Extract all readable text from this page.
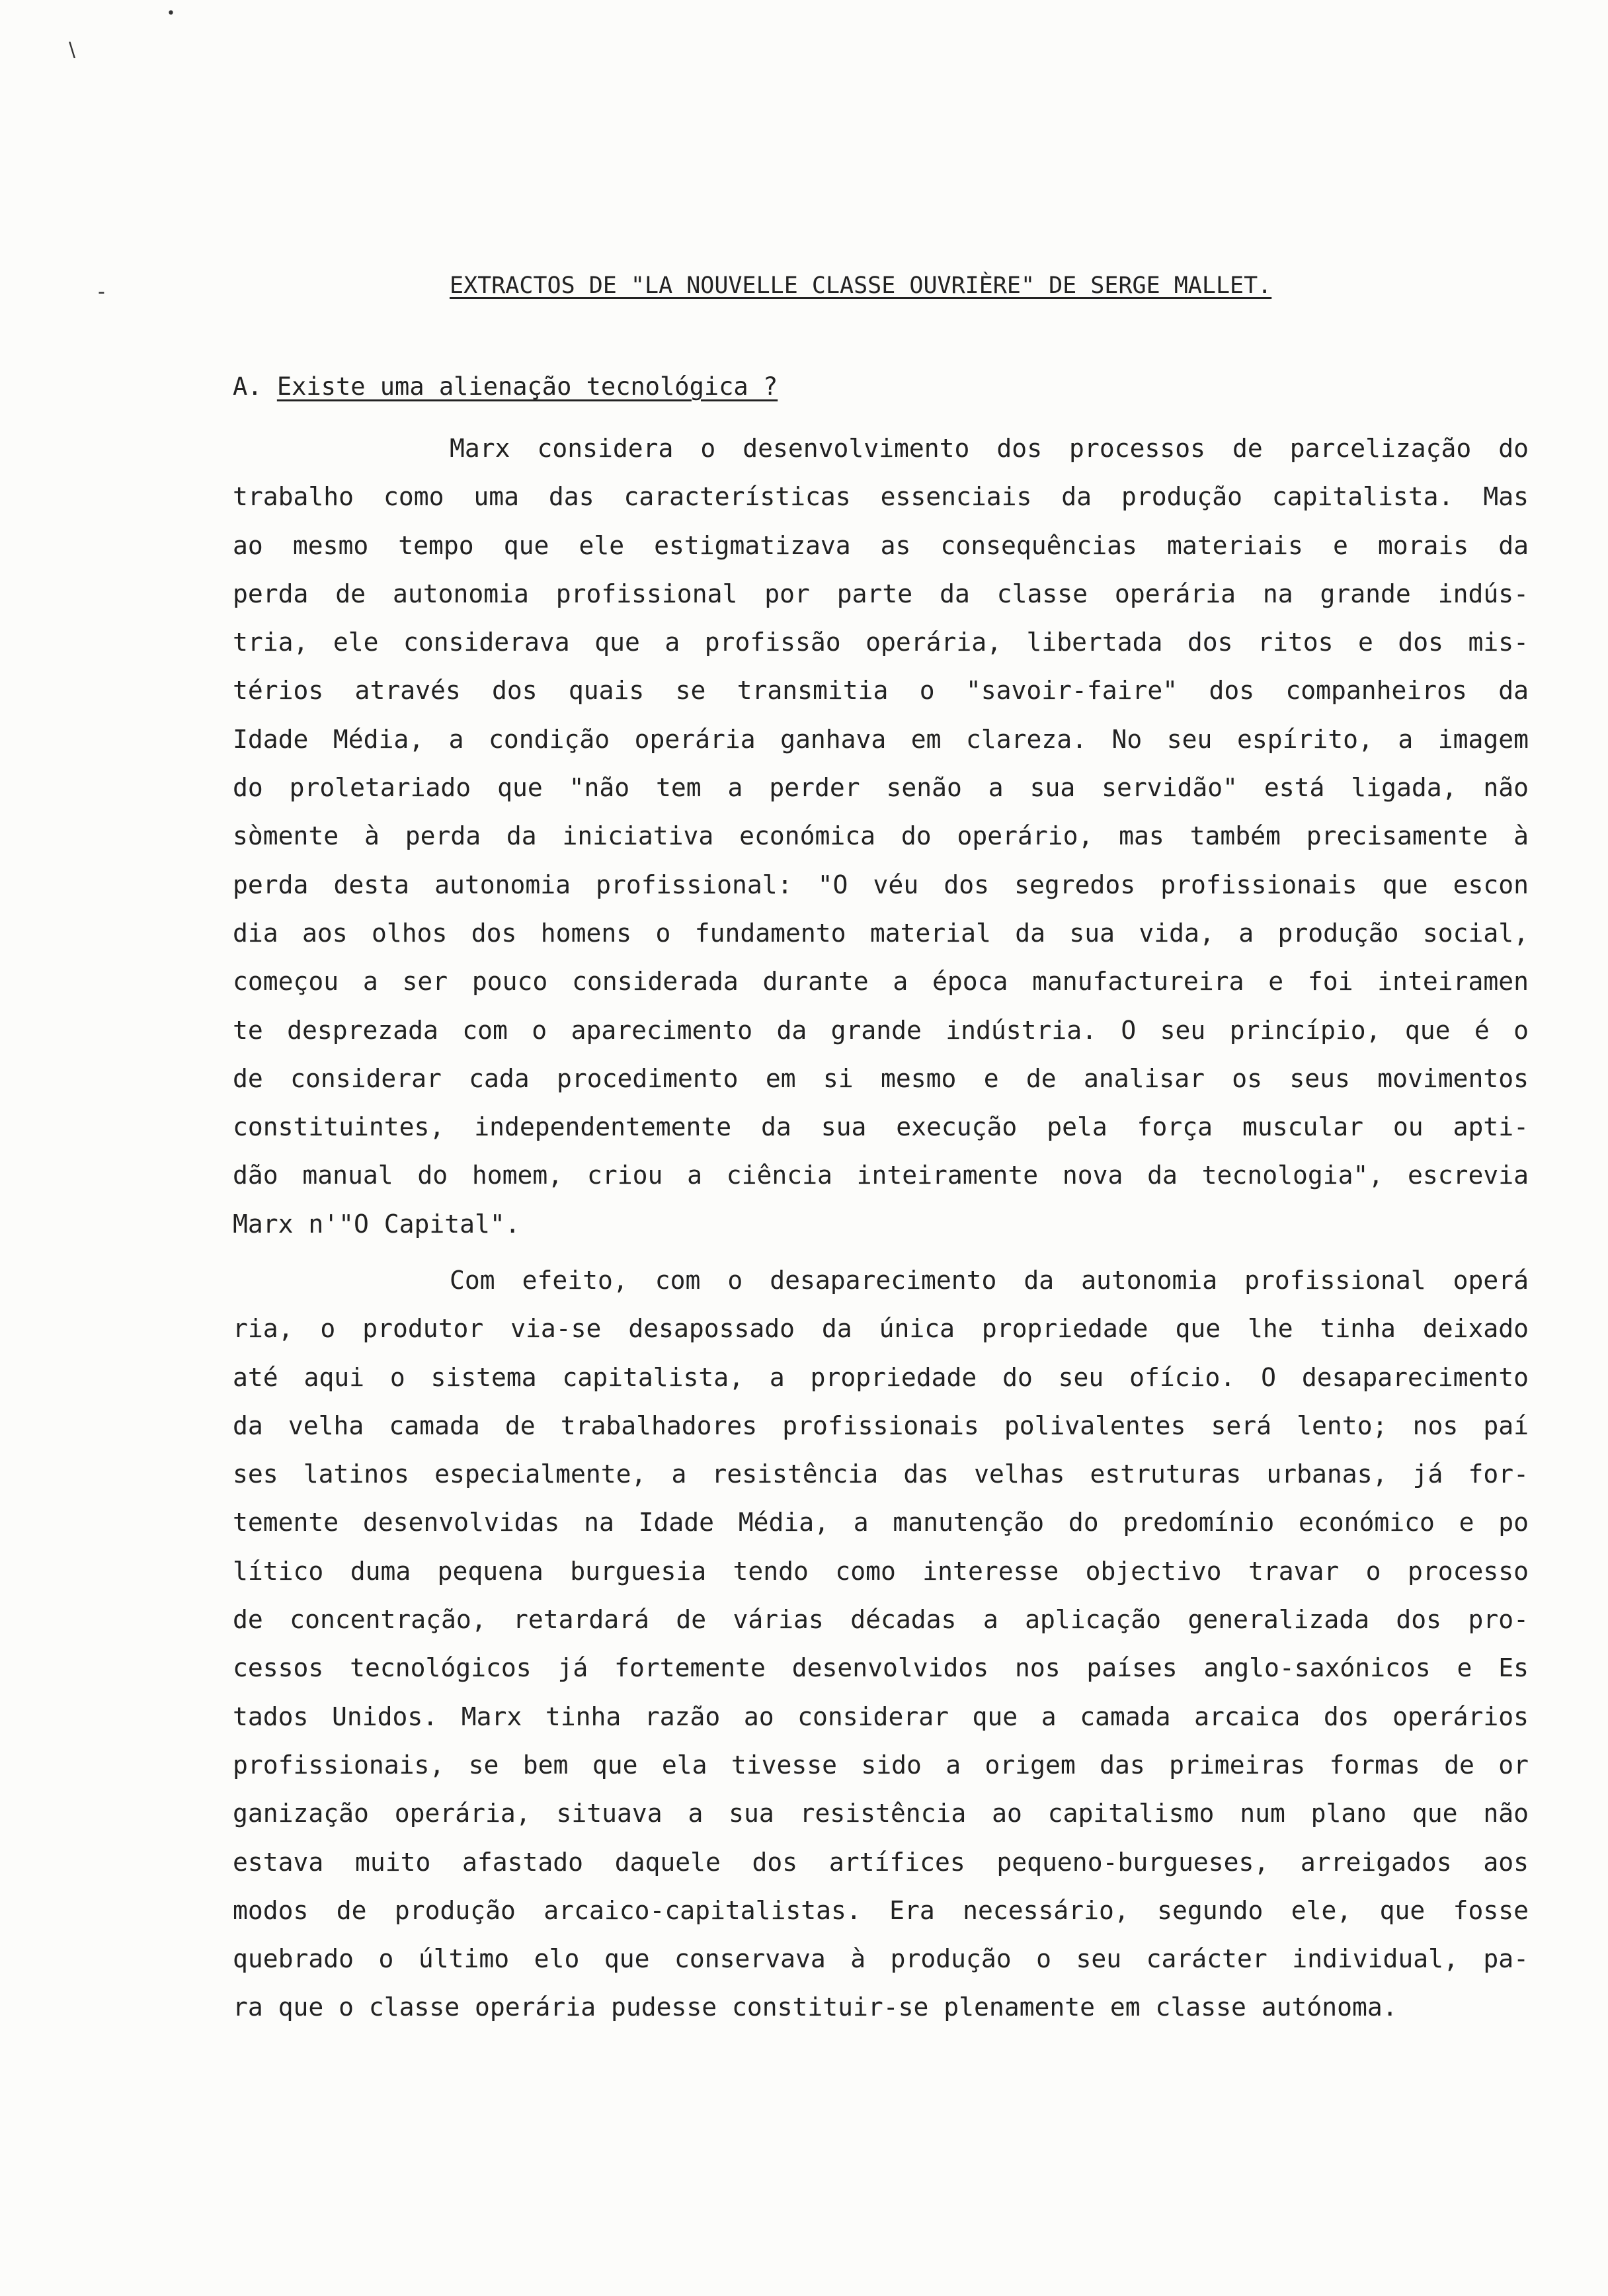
\
•
-	EXTRACTOS DE "LA NOUVELLE CLASSE OUVRIÈRE" DE SERGE MALLET.
A. Existe uma alienação tecnológica ?
Marx considera o desenvolvimento dos processos de parcelização do
trabalho como uma das características essenciais da produção capitalista. Mas
ao mesmo tempo que ele estigmatizava as consequências materiais e morais da
perda de autonomia profissional por parte da classe operária na grande indús-
tria, ele considerava que a profissão operária, libertada dos ritos e dos mis-
térios através dos quais se transmitia o "savoir-faire" dos companheiros da
Idade Média, a condição operária ganhava em clareza. No seu espírito, a imagem
do proletariado que "não tem a perder senão a sua servidão" está ligada, não
sòmente à perda da iniciativa económica do operário, mas também precisamente à
perda desta autonomia profissional: "O véu dos segredos profissionais que escon
dia aos olhos dos homens o fundamento material da sua vida, a produção social,
começou a ser pouco considerada durante a época manufactureira e foi inteiramen
te desprezada com o aparecimento da grande indústria. O seu princípio, que é o
de considerar cada procedimento em si mesmo e de analisar os seus movimentos
constituintes, independentemente da sua execução pela força muscular ou apti-
dão manual do homem, criou a ciência inteiramente nova da tecnologia", escrevia
Marx n'"O Capital".
Com efeito, com o desaparecimento da autonomia profissional operá
ria, o produtor via-se desapossado da única propriedade que lhe tinha deixado
até aqui o sistema capitalista, a propriedade do seu ofício. O desaparecimento
da velha camada de trabalhadores profissionais polivalentes será lento; nos paí
ses latinos especialmente, a resistência das velhas estruturas urbanas, já for-
temente desenvolvidas na Idade Média, a manutenção do predomínio económico e po
lítico duma pequena burguesia tendo como interesse objectivo travar o processo
de concentração, retardará de várias décadas a aplicação generalizada dos pro-
cessos tecnológicos já fortemente desenvolvidos nos países anglo-saxónicos e Es
tados Unidos. Marx tinha razão ao considerar que a camada arcaica dos operários
profissionais, se bem que ela tivesse sido a origem das primeiras formas de or
ganização operária, situava a sua resistência ao capitalismo num plano que não
estava muito afastado daquele dos artífices pequeno-burgueses, arreigados aos
modos de produção arcaico-capitalistas. Era necessário, segundo ele, que fosse
quebrado o último elo que conservava à produção o seu carácter individual, pa-
ra que o classe operária pudesse constituir-se plenamente em classe autónoma.
